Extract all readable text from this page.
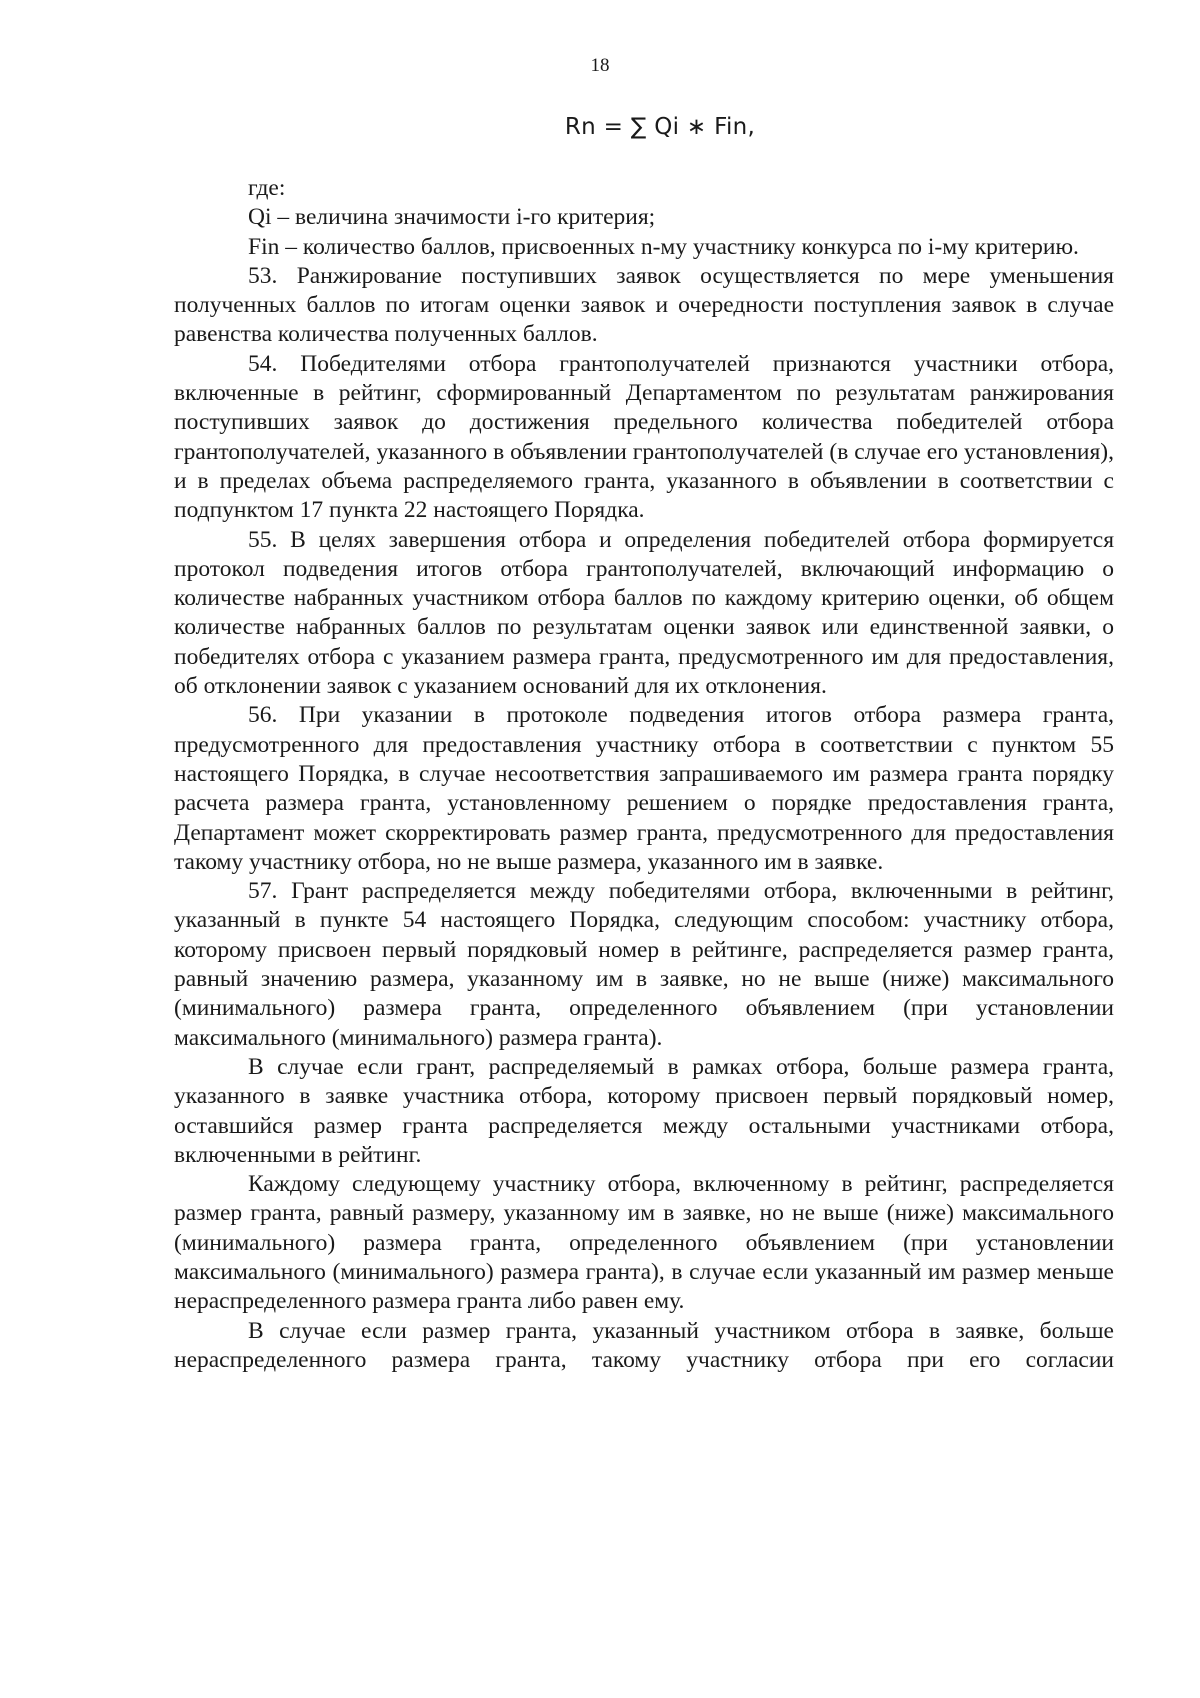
18
Rn = ∑ Qi ∗ Fin,

где:

Qi – величина значимости i-го критерия;

Fin – количество баллов, присвоенных n-му участнику конкурса по i-му критерию.

53. Ранжирование поступивших заявок осуществляется по мере уменьшения полученных баллов по итогам оценки заявок и очередности поступления заявок в случае равенства количества полученных баллов.

54. Победителями отбора грантополучателей признаются участники отбора, включенные в рейтинг, сформированный Департаментом по результатам ранжирования поступивших заявок до достижения предельного количества победителей отбора грантополучателей, указанного в объявлении грантополучателей (в случае его установления), и в пределах объема распределяемого гранта, указанного в объявлении в соответствии с подпунктом 17 пункта 22 настоящего Порядка.

55. В целях завершения отбора и определения победителей отбора формируется протокол подведения итогов отбора грантополучателей, включающий информацию о количестве набранных участником отбора баллов по каждому критерию оценки, об общем количестве набранных баллов по результатам оценки заявок или единственной заявки, о победителях отбора с указанием размера гранта, предусмотренного им для предоставления, об отклонении заявок с указанием оснований для их отклонения.

56. При указании в протоколе подведения итогов отбора размера гранта, предусмотренного для предоставления участнику отбора в соответствии с пунктом 55 настоящего Порядка, в случае несоответствия запрашиваемого им размера гранта порядку расчета размера гранта, установленному решением о порядке предоставления гранта, Департамент может скорректировать размер гранта, предусмотренного для предоставления такому участнику отбора, но не выше размера, указанного им в заявке.

57. Грант распределяется между победителями отбора, включенными в рейтинг, указанный в пункте 54 настоящего Порядка, следующим способом: участнику отбора, которому присвоен первый порядковый номер в рейтинге, распределяется размер гранта, равный значению размера, указанному им в заявке, но не выше (ниже) максимального (минимального) размера гранта, определенного объявлением (при установлении максимального (минимального) размера гранта).

В случае если грант, распределяемый в рамках отбора, больше размера гранта, указанного в заявке участника отбора, которому присвоен первый порядковый номер, оставшийся размер гранта распределяется между остальными участниками отбора, включенными в рейтинг.

Каждому следующему участнику отбора, включенному в рейтинг, распределяется размер гранта, равный размеру, указанному им в заявке, но не выше (ниже) максимального (минимального) размера гранта, определенного объявлением (при установлении максимального (минимального) размера гранта), в случае если указанный им размер меньше нераспределенного размера гранта либо равен ему.

В случае если размер гранта, указанный участником отбора в заявке, больше нераспределенного размера гранта, такому участнику отбора при его согласии
